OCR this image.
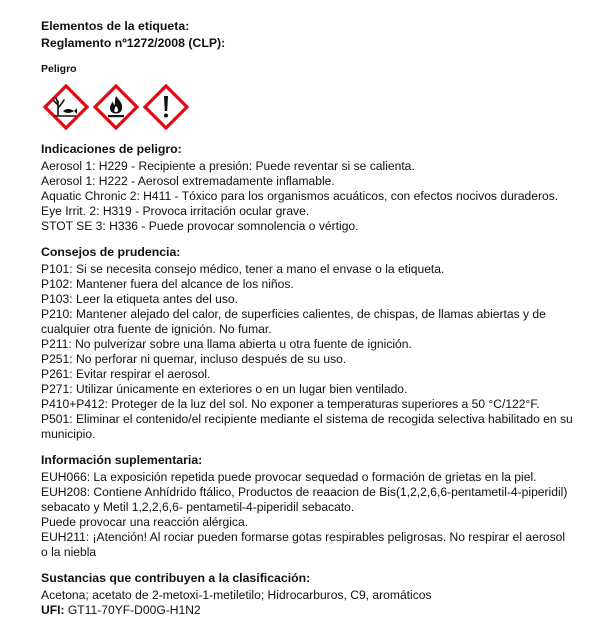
Elementos de la etiqueta:
Reglamento nº1272/2008 (CLP):
Peligro
Indicaciones de peligro:
Aerosol 1: H229 - Recipiente a presión: Puede reventar si se calienta.
Aerosol 1: H222 - Aerosol extremadamente inflamable.
Aquatic Chronic 2: H411 - Tóxico para los organismos acuáticos, con efectos nocivos duraderos.
Eye Irrit. 2: H319 - Provoca irritación ocular grave.
STOT SE 3: H336 - Puede provocar somnolencia o vértigo.
Consejos de prudencia:
P101: Si se necesita consejo médico, tener a mano el envase o la etiqueta.
P102: Mantener fuera del alcance de los niños.
P103: Leer la etiqueta antes del uso.
P210: Mantener alejado del calor, de superficies calientes, de chispas, de llamas abiertas y de
cualquier otra fuente de ignición. No fumar.
P211: No pulverizar sobre una llama abierta u otra fuente de ignición.
P251: No perforar ni quemar, incluso después de su uso.
P261: Evitar respirar el aerosol.
P271: Utilizar únicamente en exteriores o en un lugar bien ventilado.
P410+P412: Proteger de la luz del sol. No exponer a temperaturas superiores a 50 °C/122°F.
P501: Eliminar el contenido/el recipiente mediante el sistema de recogida selectiva habilitado en su
municipio.
Información suplementaria:
EUH066: La exposición repetida puede provocar sequedad o formación de grietas en la piel.
EUH208: Contiene Anhídrido ftálico, Productos de reaacion de Bis(1,2,2,6,6-pentametil-4-piperidil)
sebacato y Metil 1,2,2,6,6- pentametil-4-piperidil sebacato.
Puede provocar una reacción alérgica.
EUH211: ¡Atención! Al rociar pueden formarse gotas respirables peligrosas. No respirar el aerosol
o la niebla
Sustancias que contribuyen a la clasificación:
Acetona; acetato de 2-metoxi-1-metiletilo; Hidrocarburos, C9, aromáticos
UFI: GT11-70YF-D00G-H1N2
